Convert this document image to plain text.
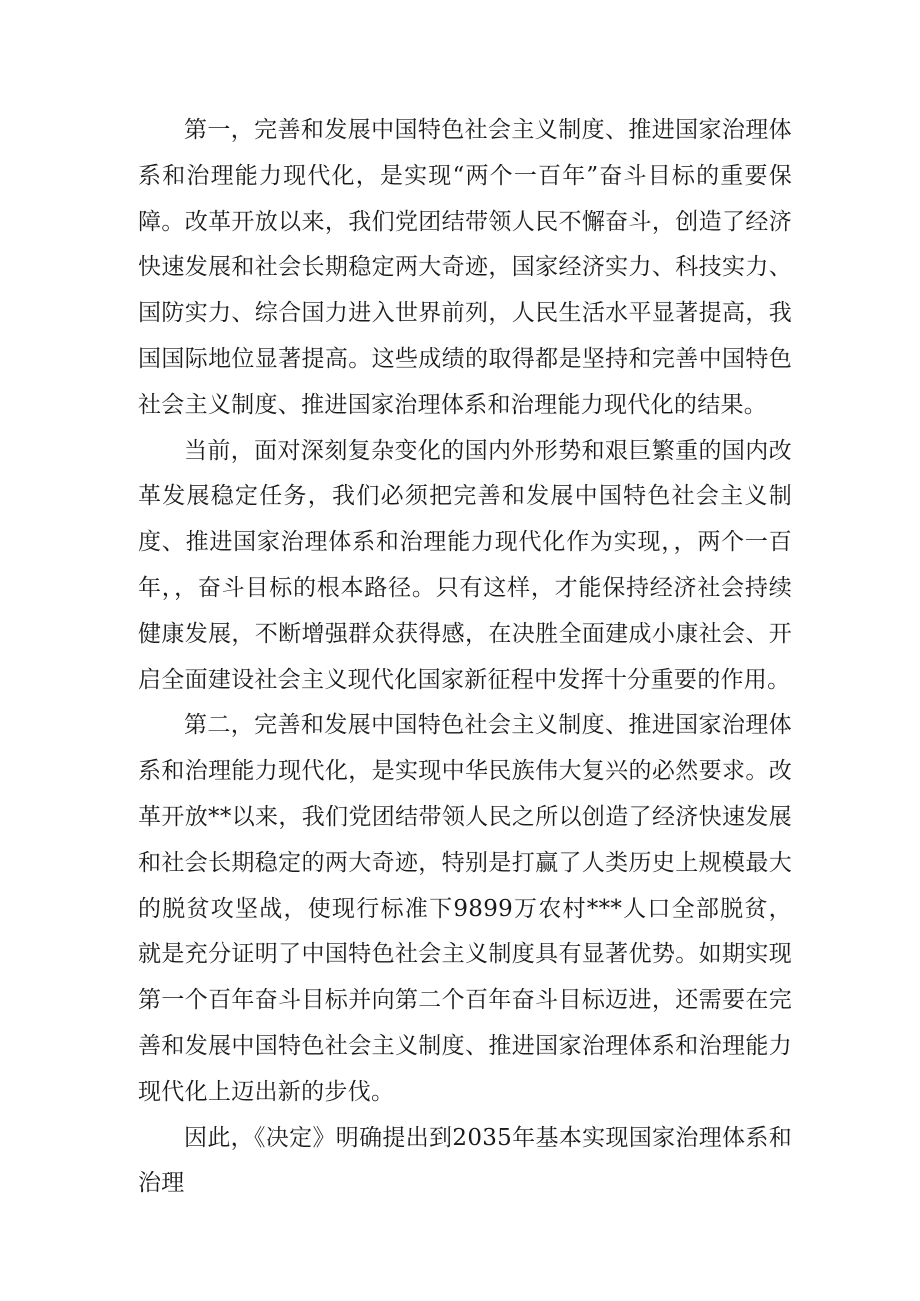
第一，完善和发展中国特色社会主义制度、推进国家治理体系和治理能力现代化，是实现“两个一百年”奋斗目标的重要保障。改革开放以来，我们党团结带领人民不懈奋斗，创造了经济快速发展和社会长期稳定两大奇迹，国家经济实力、科技实力、国防实力、综合国力进入世界前列，人民生活水平显著提高，我国国际地位显著提高。这些成绩的取得都是坚持和完善中国特色社会主义制度、推进国家治理体系和治理能力现代化的结果。

当前，面对深刻复杂变化的国内外形势和艰巨繁重的国内改革发展稳定任务，我们必须把完善和发展中国特色社会主义制度、推进国家治理体系和治理能力现代化作为实现，，两个一百年，，奋斗目标的根本路径。只有这样，才能保持经济社会持续健康发展，不断增强群众获得感，在决胜全面建成小康社会、开启全面建设社会主义现代化国家新征程中发挥十分重要的作用。

第二，完善和发展中国特色社会主义制度、推进国家治理体系和治理能力现代化，是实现中华民族伟大复兴的必然要求。改革开放**以来，我们党团结带领人民之所以创造了经济快速发展和社会长期稳定的两大奇迹，特别是打赢了人类历史上规模最大的脱贫攻坚战，使现行标准下9899万农村***人口全部脱贫，就是充分证明了中国特色社会主义制度具有显著优势。如期实现第一个百年奋斗目标并向第二个百年奋斗目标迈进，还需要在完善和发展中国特色社会主义制度、推进国家治理体系和治理能力现代化上迈出新的步伐。

因此，《决定》明确提出到2035年基本实现国家治理体系和治理
